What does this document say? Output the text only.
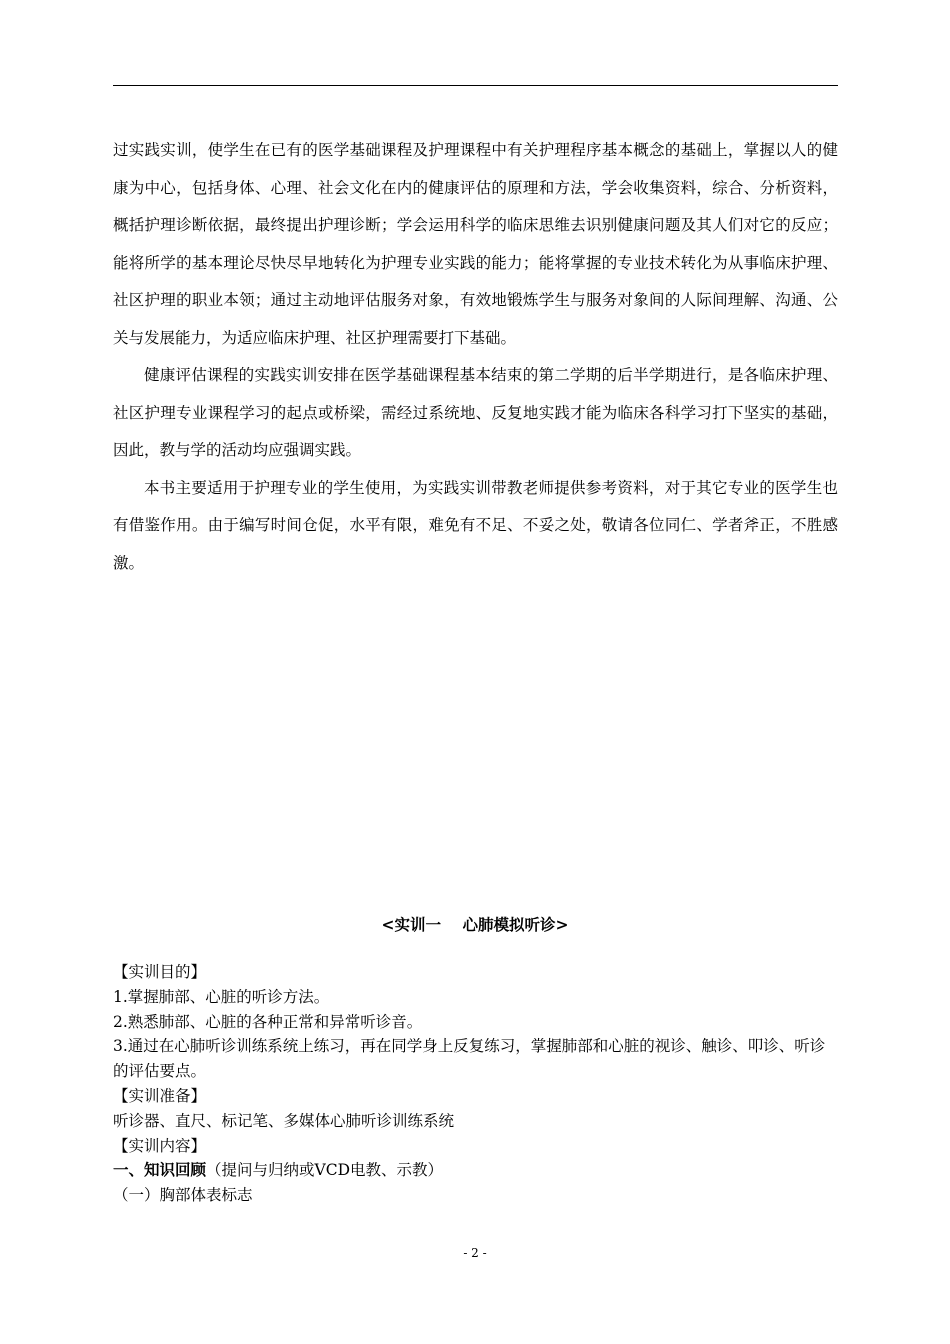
过实践实训，使学生在已有的医学基础课程及护理课程中有关护理程序基本概念的基础上，掌握以人的健康为中心，包括身体、心理、社会文化在内的健康评估的原理和方法，学会收集资料，综合、分析资料，概括护理诊断依据，最终提出护理诊断；学会运用科学的临床思维去识别健康问题及其人们对它的反应；能将所学的基本理论尽快尽早地转化为护理专业实践的能力；能将掌握的专业技术转化为从事临床护理、社区护理的职业本领；通过主动地评估服务对象，有效地锻炼学生与服务对象间的人际间理解、沟通、公关与发展能力，为适应临床护理、社区护理需要打下基础。

健康评估课程的实践实训安排在医学基础课程基本结束的第二学期的后半学期进行，是各临床护理、社区护理专业课程学习的起点或桥梁，需经过系统地、反复地实践才能为临床各科学习打下坚实的基础，因此，教与学的活动均应强调实践。

本书主要适用于护理专业的学生使用，为实践实训带教老师提供参考资料，对于其它专业的医学生也有借鉴作用。由于编写时间仓促，水平有限，难免有不足、不妥之处，敬请各位同仁、学者斧正，不胜感激。

<实训一    心肺模拟听诊>
【实训目的】
1.掌握肺部、心脏的听诊方法。
2.熟悉肺部、心脏的各种正常和异常听诊音。
3.通过在心肺听诊训练系统上练习，再在同学身上反复练习，掌握肺部和心脏的视诊、触诊、叩诊、听诊的评估要点。
【实训准备】
听诊器、直尺、标记笔、多媒体心肺听诊训练系统
【实训内容】
一、知识回顾（提问与归纳或VCD电教、示教）
（一）胸部体表标志
- 2 -
